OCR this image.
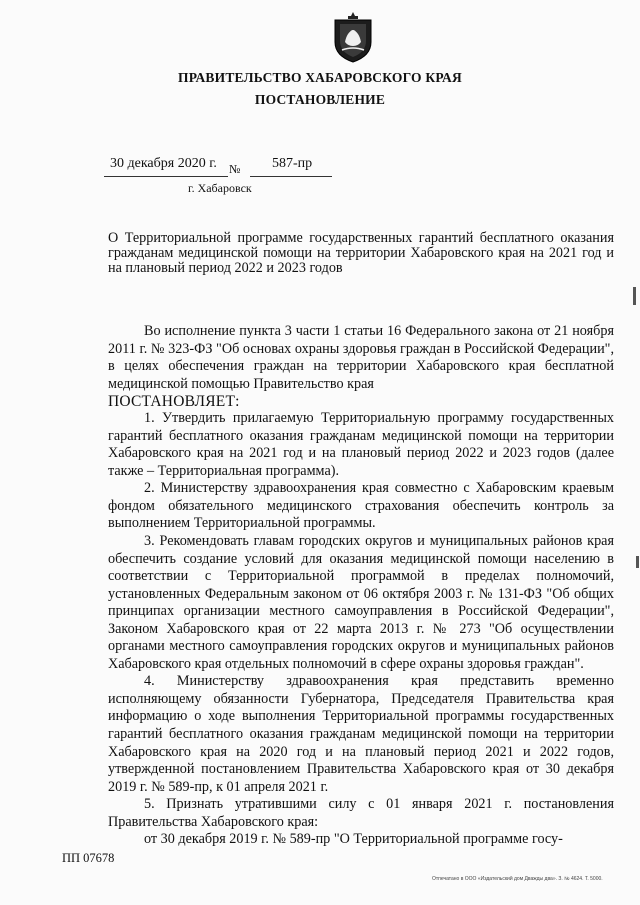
ПРАВИТЕЛЬСТВО ХАБАРОВСКОГО КРАЯ
ПОСТАНОВЛЕНИЕ
30 декабря 2020 г. № 587-пр
г. Хабаровск

О Территориальной программе государственных гарантий бесплатного оказания гражданам медицинской помощи на территории Хабаровского края на 2021 год и на плановый период 2022 и 2023 годов

Во исполнение пункта 3 части 1 статьи 16 Федерального закона от 21 ноября 2011 г. № 323-ФЗ "Об основах охраны здоровья граждан в Российской Федерации", в целях обеспечения граждан на территории Хабаровского края бесплатной медицинской помощью Правительство края

ПОСТАНОВЛЯЕТ:

1. Утвердить прилагаемую Территориальную программу государственных гарантий бесплатного оказания гражданам медицинской помощи на территории Хабаровского края на 2021 год и на плановый период 2022 и 2023 годов (далее также – Территориальная программа).

2. Министерству здравоохранения края совместно с Хабаровским краевым фондом обязательного медицинского страхования обеспечить контроль за выполнением Территориальной программы.

3. Рекомендовать главам городских округов и муниципальных районов края обеспечить создание условий для оказания медицинской помощи населению в соответствии с Территориальной программой в пределах полномочий, установленных Федеральным законом от 06 октября 2003 г. № 131-ФЗ "Об общих принципах организации местного самоуправления в Российской Федерации", Законом Хабаровского края от 22 марта 2013 г. № 273 "Об осуществлении органами местного самоуправления городских округов и муниципальных районов Хабаровского края отдельных полномочий в сфере охраны здоровья граждан".

4. Министерству здравоохранения края представить временно исполняющему обязанности Губернатора, Председателя Правительства края информацию о ходе выполнения Территориальной программы государственных гарантий бесплатного оказания гражданам медицинской помощи на территории Хабаровского края на 2020 год и на плановый период 2021 и 2022 годов, утвержденной постановлением Правительства Хабаровского края от 30 декабря 2019 г. № 589-пр, к 01 апреля 2021 г.

5. Признать утратившими силу с 01 января 2021 г. постановления Правительства Хабаровского края:

от 30 декабря 2019 г. № 589-пр "О Территориальной программе госу-

ПП 07678
Отпечатано в ООО «Издательский дом Дважды два». З. № 4624. Т. 5000.
